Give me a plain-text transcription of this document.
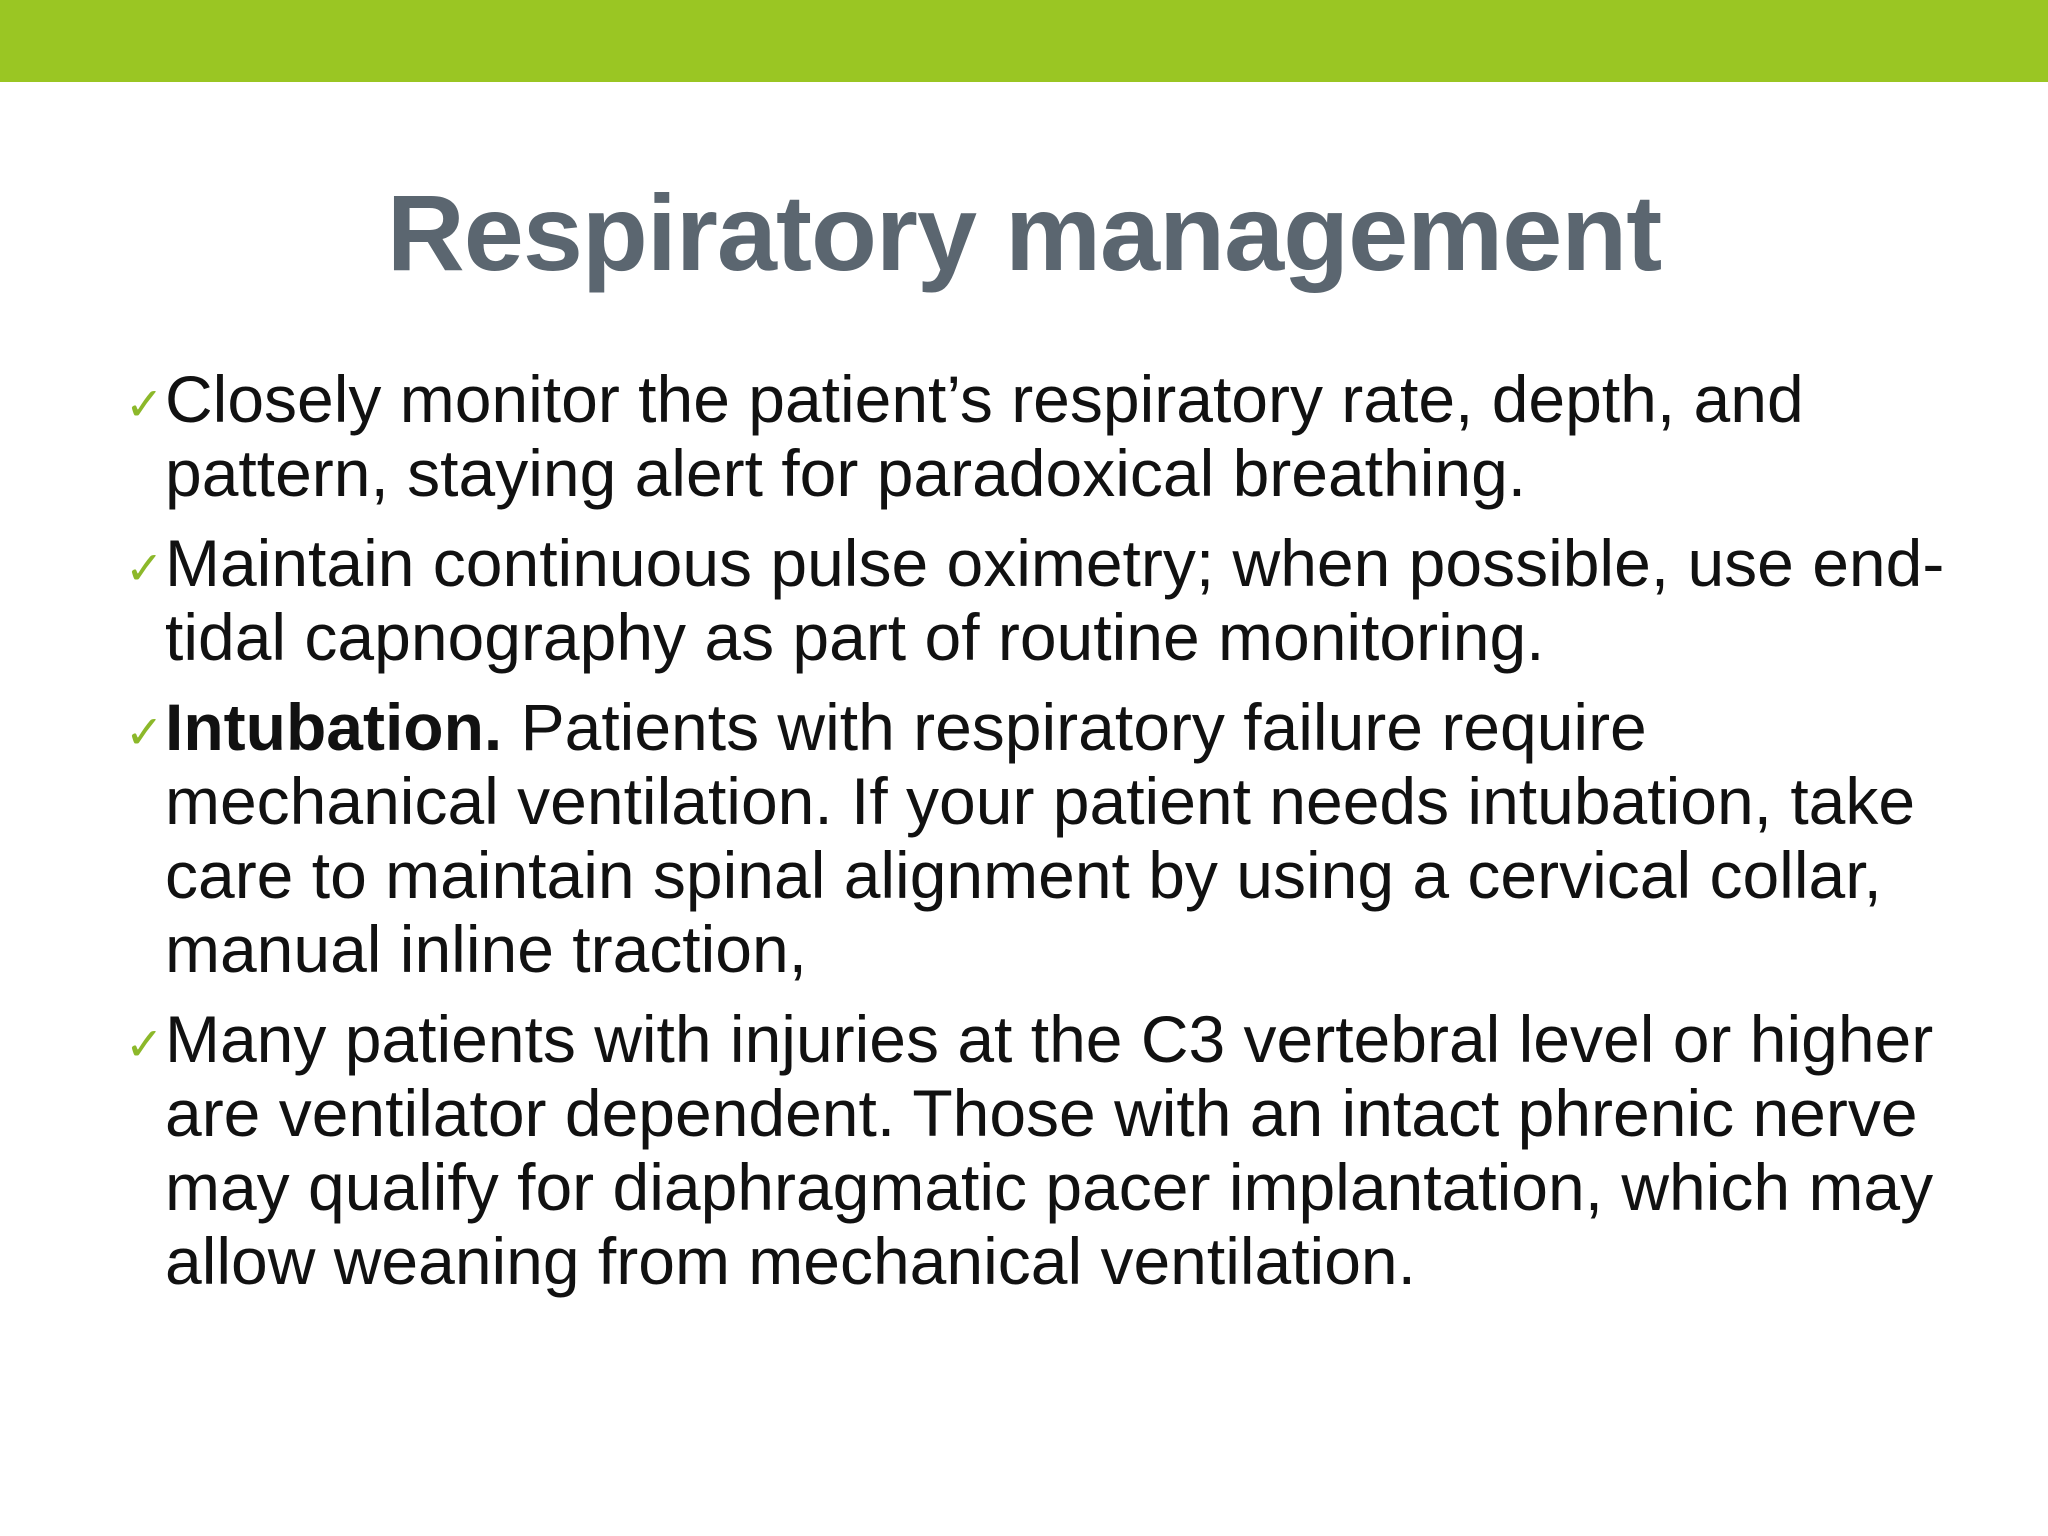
Respiratory management
✓ Closely monitor the patient’s respiratory rate, depth, and pattern, staying alert for paradoxical breathing.
✓ Maintain continuous pulse oximetry; when possible, use end-tidal capnography as part of routine monitoring.
✓ Intubation. Patients with respiratory failure require mechanical ventilation. If your patient needs intubation, take care to maintain spinal alignment by using a cervical collar, manual inline traction,
✓ Many patients with injuries at the C3 vertebral level or higher are ventilator dependent. Those with an intact phrenic nerve may qualify for diaphragmatic pacer implantation, which may allow weaning from mechanical ventilation.
